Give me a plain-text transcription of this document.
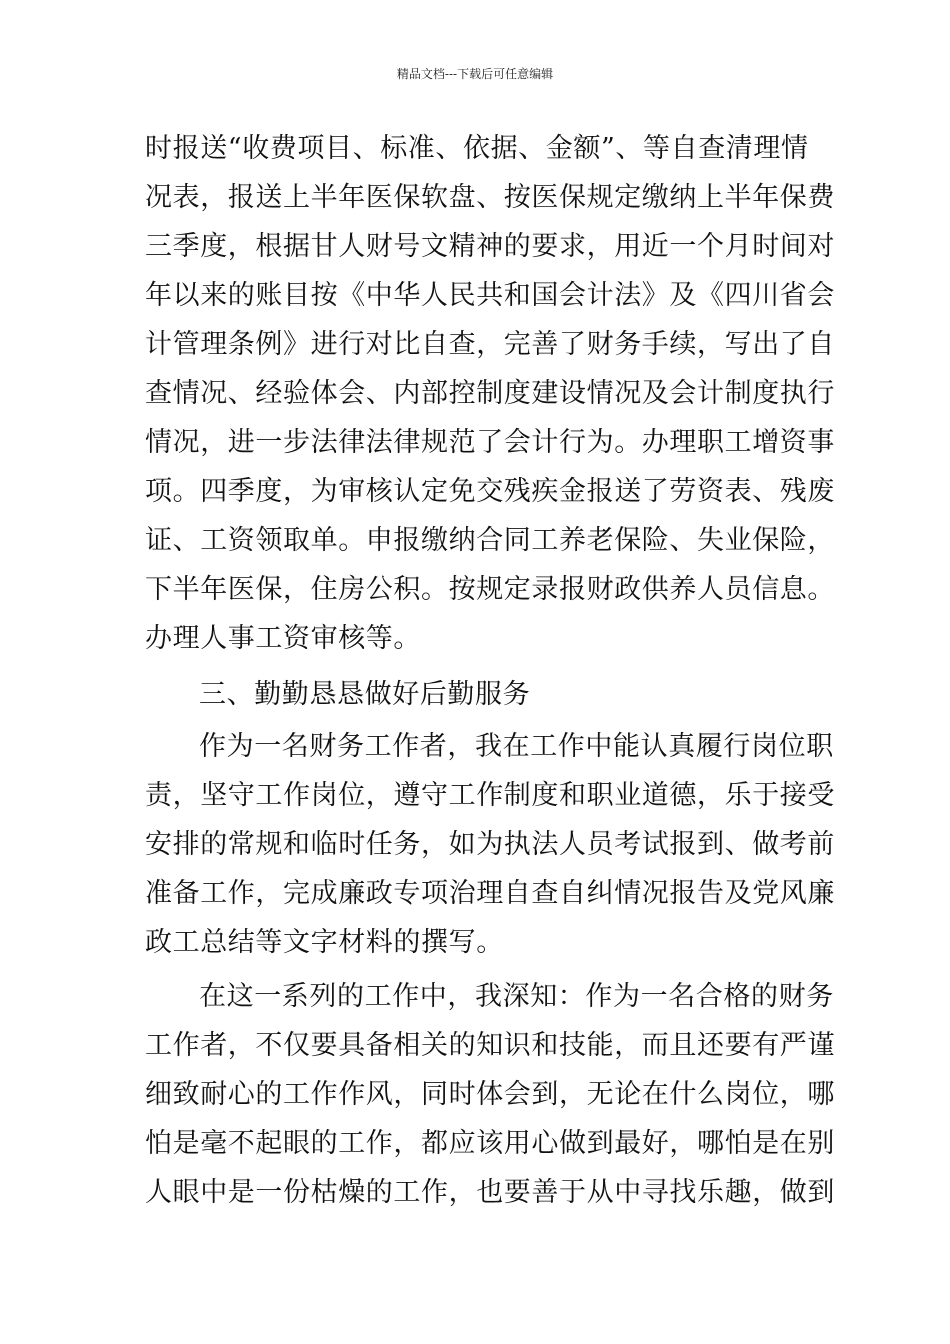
精品文档---下载后可任意编辑

时报送“收费项目、标准、依据、金额”、等自查清理情

况表，报送上半年医保软盘、按医保规定缴纳上半年保费

三季度，根据甘人财号文精神的要求，用近一个月时间对

年以来的账目按《中华人民共和国会计法》及《四川省会

计管理条例》进行对比自查，完善了财务手续，写出了自

查情况、经验体会、内部控制度建设情况及会计制度执行

情况，进一步法律法律规范了会计行为。办理职工增资事

项。四季度，为审核认定免交残疾金报送了劳资表、残废

证、工资领取单。申报缴纳合同工养老保险、失业保险，

下半年医保，住房公积。按规定录报财政供养人员信息。

办理人事工资审核等。

三、勤勤恳恳做好后勤服务

作为一名财务工作者，我在工作中能认真履行岗位职

责，坚守工作岗位，遵守工作制度和职业道德，乐于接受

安排的常规和临时任务，如为执法人员考试报到、做考前

准备工作，完成廉政专项治理自查自纠情况报告及党风廉

政工总结等文字材料的撰写。

在这一系列的工作中，我深知：作为一名合格的财务

工作者，不仅要具备相关的知识和技能，而且还要有严谨

细致耐心的工作作风，同时体会到，无论在什么岗位，哪

怕是毫不起眼的工作，都应该用心做到最好，哪怕是在别

人眼中是一份枯燥的工作，也要善于从中寻找乐趣，做到
